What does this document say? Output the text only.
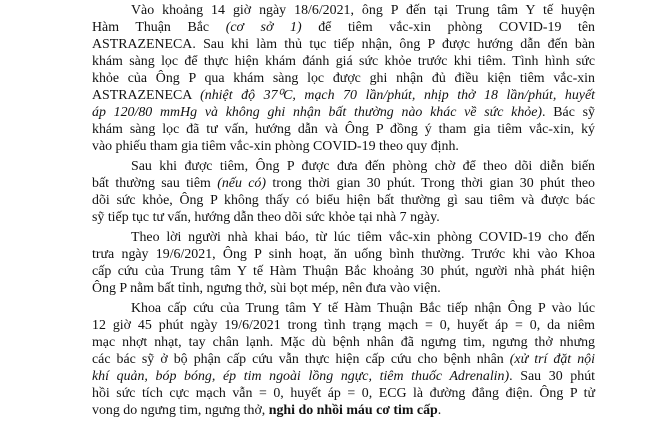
Vào khoảng 14 giờ ngày 18/6/2021, ông P đến tại Trung tâm Y tế huyện
Hàm Thuận Bắc (cơ sở 1) để tiêm vắc-xin phòng COVID-19 tên
ASTRAZENECA. Sau khi làm thủ tục tiếp nhận, ông P được hướng dẫn đến bàn
khám sàng lọc để thực hiện khám đánh giá sức khỏe trước khi tiêm. Tình hình sức
khỏe của Ông P qua khám sàng lọc được ghi nhận đủ điều kiện tiêm vắc-xin
ASTRAZENECA (nhiệt độ 37⁰C, mạch 70 lần/phút, nhịp thở 18 lần/phút, huyết
áp 120/80 mmHg và không ghi nhận bất thường nào khác về sức khỏe). Bác sỹ
khám sàng lọc đã tư vấn, hướng dẫn và Ông P đồng ý tham gia tiêm vắc-xin, ký
vào phiếu tham gia tiêm vắc-xin phòng COVID-19 theo quy định.
Sau khi được tiêm, Ông P được đưa đến phòng chờ để theo dõi diễn biến
bất thường sau tiêm (nếu có) trong thời gian 30 phút. Trong thời gian 30 phút theo
dõi sức khỏe, Ông P không thấy có biểu hiện bất thường gì sau tiêm và được bác
sỹ tiếp tục tư vấn, hướng dẫn theo dõi sức khỏe tại nhà 7 ngày.
Theo lời người nhà khai báo, từ lúc tiêm vắc-xin phòng COVID-19 cho đến
trưa ngày 19/6/2021, Ông P sinh hoạt, ăn uống bình thường. Trước khi vào Khoa
cấp cứu của Trung tâm Y tế Hàm Thuận Bắc khoảng 30 phút, người nhà phát hiện
Ông P nằm bất tỉnh, ngưng thở, sùi bọt mép, nên đưa vào viện.
Khoa cấp cứu của Trung tâm Y tế Hàm Thuận Bắc tiếp nhận Ông P vào lúc
12 giờ 45 phút ngày 19/6/2021 trong tình trạng mạch = 0, huyết áp = 0, da niêm
mạc nhợt nhạt, tay chân lạnh. Mặc dù bệnh nhân đã ngưng tim, ngưng thở nhưng
các bác sỹ ở bộ phận cấp cứu vẫn thực hiện cấp cứu cho bệnh nhân (xử trí đặt nội
khí quản, bóp bóng, ép tim ngoài lồng ngực, tiêm thuốc Adrenalin). Sau 30 phút
hồi sức tích cực mạch vẫn = 0, huyết áp = 0, ECG là đường đẳng điện. Ông P tử
vong do ngưng tim, ngưng thở, nghi do nhồi máu cơ tim cấp.
